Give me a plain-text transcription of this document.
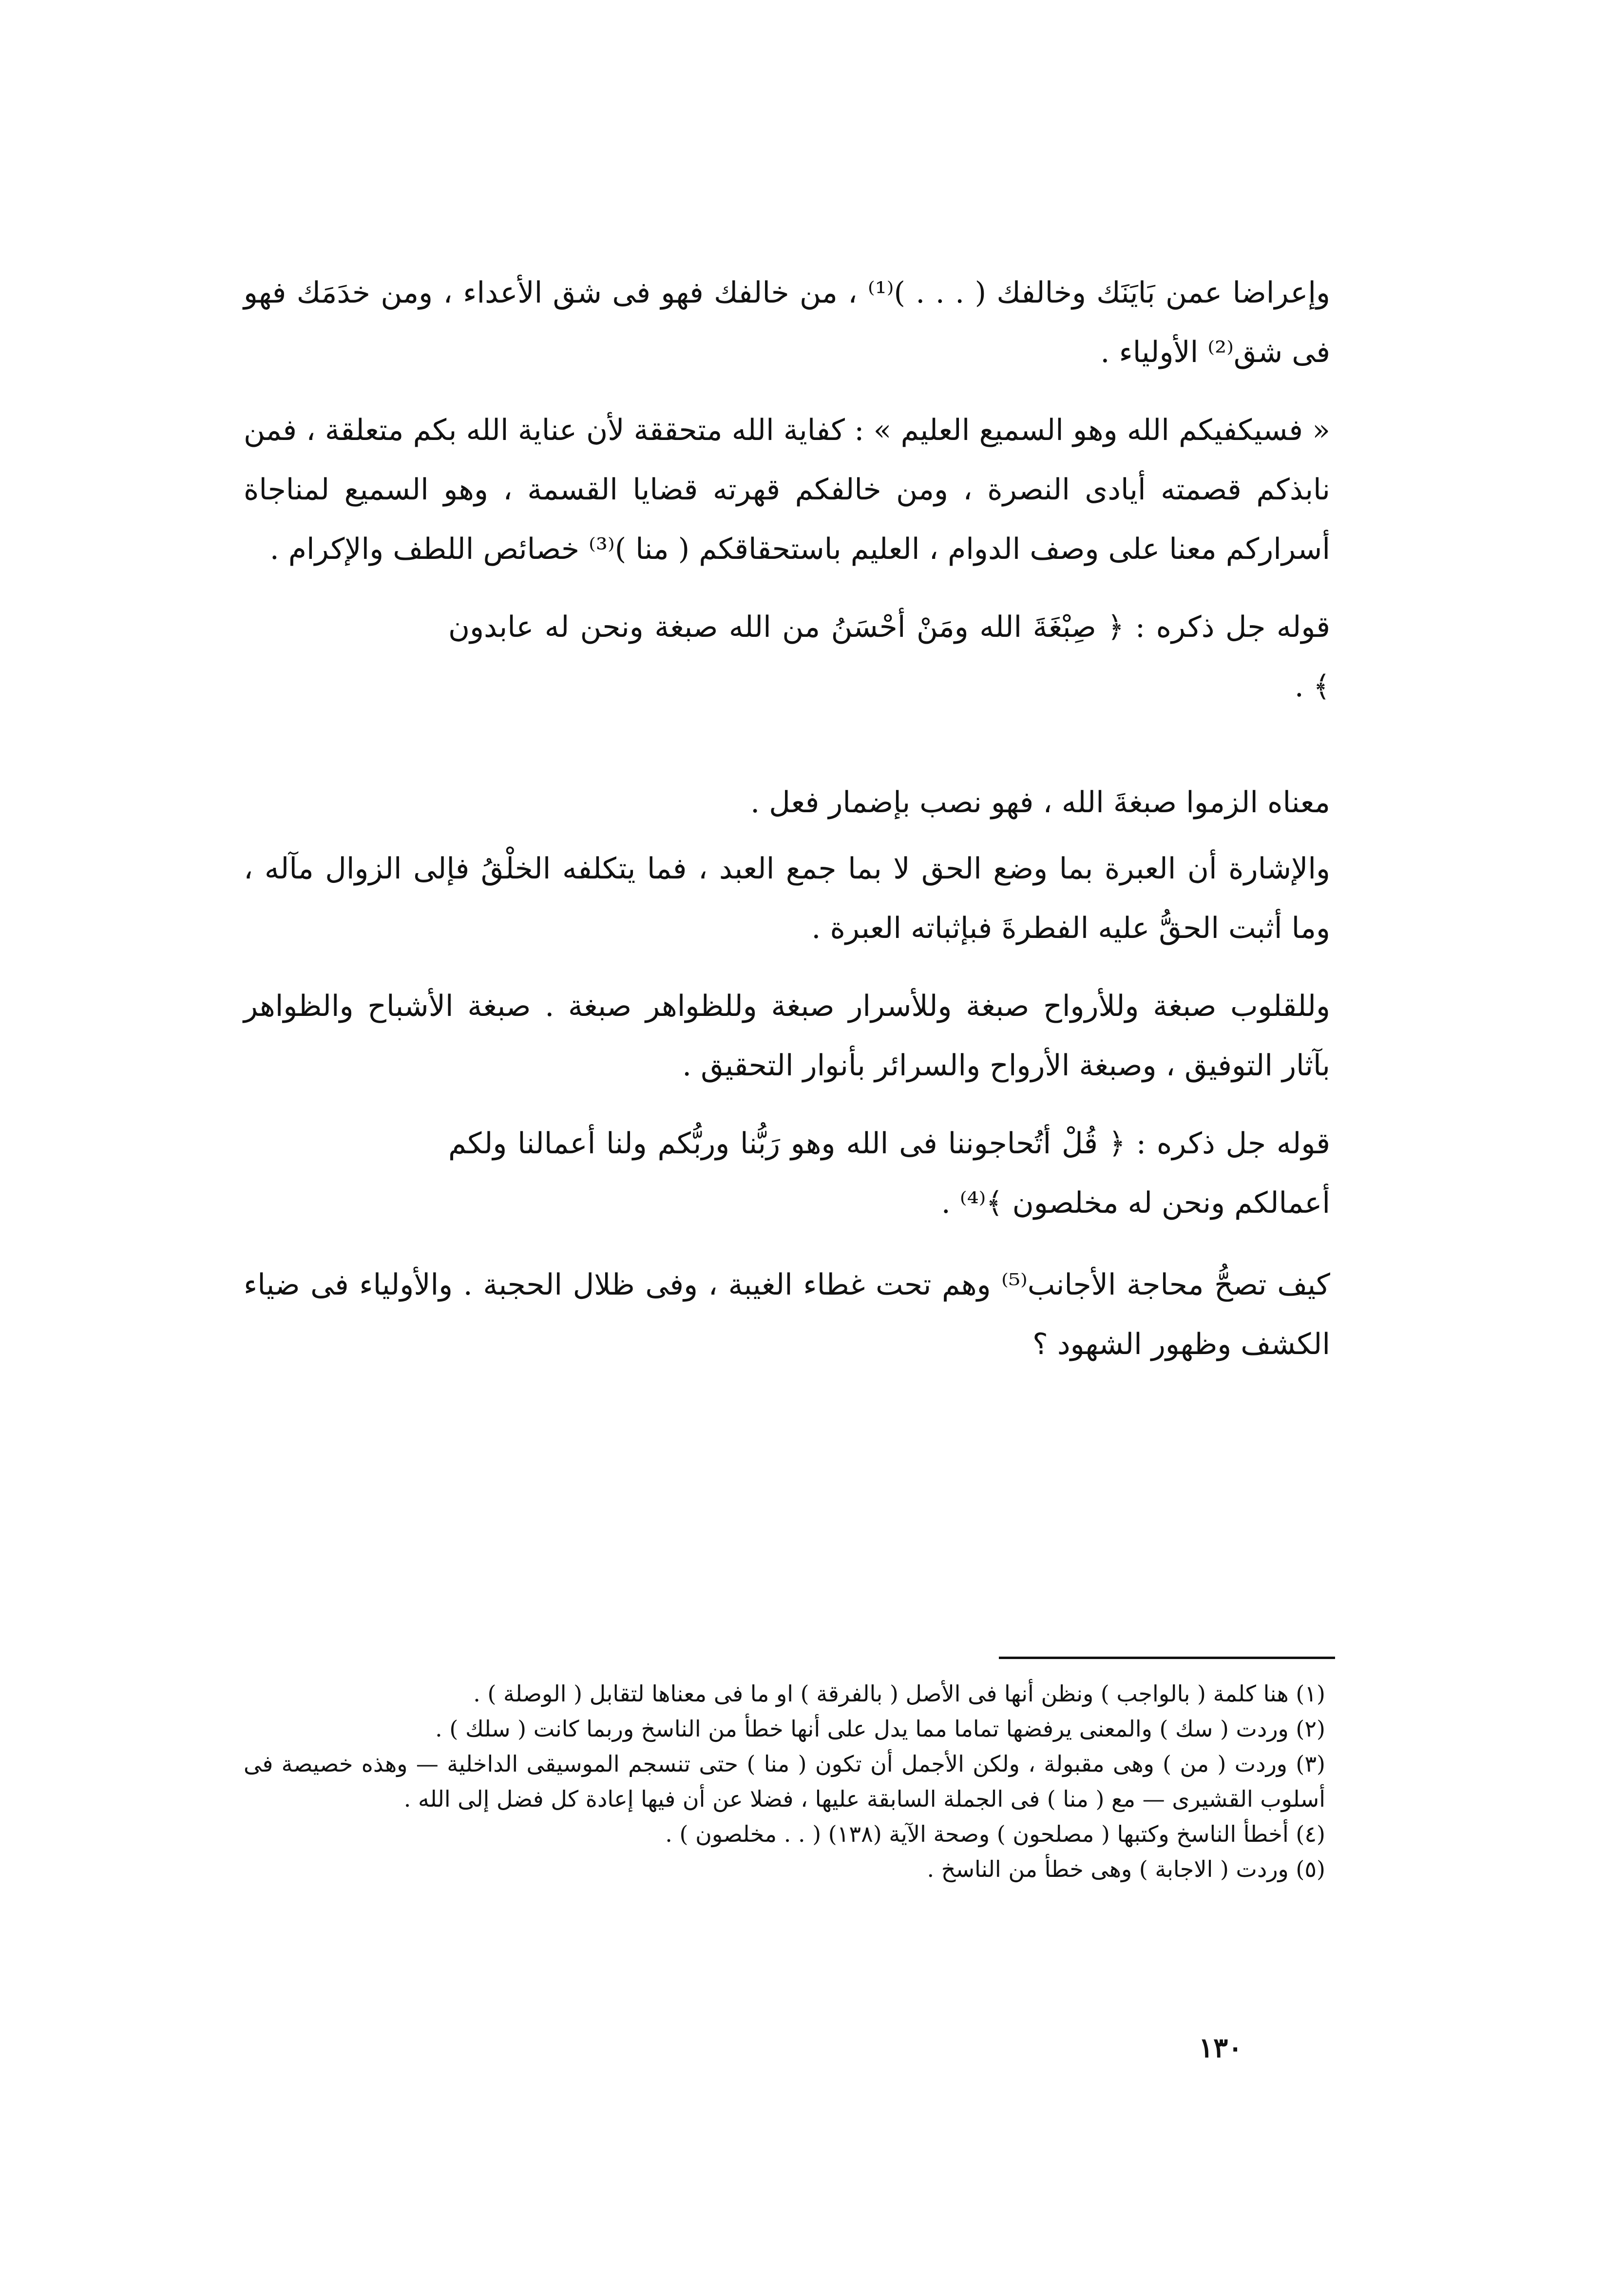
وإعراضا عمن بَايَنَك وخالفك ( . . . )⁽¹⁾ ، من خالفك فهو فى شق الأعداء ، ومن خدَمَك فهو فى شق⁽²⁾ الأولياء .

« فسيكفيكم الله وهو السميع العليم » : كفاية الله متحققة لأن عناية الله بكم متعلقة ، فمن نابذكم قصمته أيادى النصرة ، ومن خالفكم قهرته قضايا القسمة ، وهو السميع لمناجاة أسراركم معنا على وصف الدوام ، العليم باستحقاقكم ( منا )⁽³⁾ خصائص اللطف والإكرام .

قوله جل ذكره : ﴿ صِبْغَةَ الله ومَنْ أحْسَنُ من الله صبغة ونحن له عابدون ﴾ .

معناه الزموا صبغةَ الله ، فهو نصب بإضمار فعل .

والإشارة أن العبرة بما وضع الحق لا بما جمع العبد ، فما يتكلفه الخلْقُ فإلى الزوال مآله ، وما أثبت الحقُّ عليه الفطرةَ فبإثباته العبرة .

وللقلوب صبغة وللأرواح صبغة وللأسرار صبغة وللظواهر صبغة . صبغة الأشباح والظواهر بآثار التوفيق ، وصبغة الأرواح والسرائر بأنوار التحقيق .

قوله جل ذكره : ﴿ قُلْ أتُحاجوننا فى الله وهو رَبُّنا وربُّكم ولنا أعمالنا ولكم أعمالكم ونحن له مخلصون ﴾⁽⁴⁾ .

كيف تصحُّ محاجة الأجانب⁽⁵⁾ وهم تحت غطاء الغيبة ، وفى ظلال الحجبة . والأولياء فى ضياء الكشف وظهور الشهود ؟

(١) هنا كلمة ( بالواجب ) ونظن أنها فى الأصل ( بالفرقة ) او ما فى معناها لتقابل ( الوصلة ) .

(٢) وردت ( سك ) والمعنى يرفضها تماما مما يدل على أنها خطأ من الناسخ وربما كانت ( سلك ) .

(٣) وردت ( من ) وهى مقبولة ، ولكن الأجمل أن تكون ( منا ) حتى تنسجم الموسيقى الداخلية — وهذه خصيصة فى أسلوب القشيرى — مع ( منا ) فى الجملة السابقة عليها ، فضلا عن أن فيها إعادة كل فضل إلى الله .

(٤) أخطأ الناسخ وكتبها ( مصلحون ) وصحة الآية (١٣٨) ( . . مخلصون ) .

(٥) وردت ( الاجابة ) وهى خطأ من الناسخ .

١٣٠
